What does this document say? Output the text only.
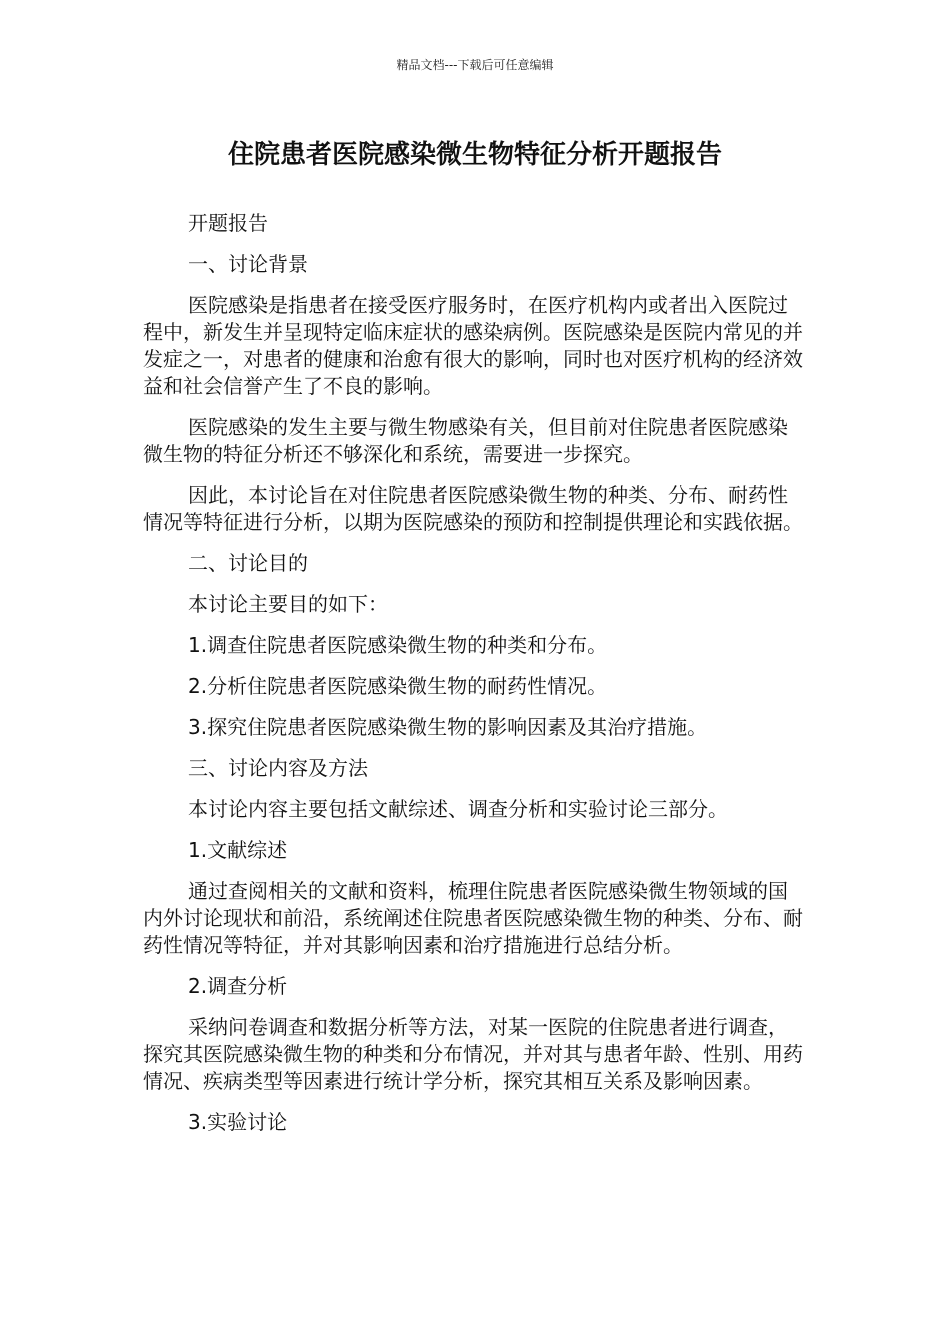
精品文档---下载后可任意编辑
住院患者医院感染微生物特征分析开题报告

开题报告

一、讨论背景

医院感染是指患者在接受医疗服务时，在医疗机构内或者出入医院过程中，新发生并呈现特定临床症状的感染病例。医院感染是医院内常见的并发症之一，对患者的健康和治愈有很大的影响，同时也对医疗机构的经济效益和社会信誉产生了不良的影响。

医院感染的发生主要与微生物感染有关，但目前对住院患者医院感染微生物的特征分析还不够深化和系统，需要进一步探究。

因此，本讨论旨在对住院患者医院感染微生物的种类、分布、耐药性情况等特征进行分析，以期为医院感染的预防和控制提供理论和实践依据。

二、讨论目的

本讨论主要目的如下：

1.调查住院患者医院感染微生物的种类和分布。

2.分析住院患者医院感染微生物的耐药性情况。

3.探究住院患者医院感染微生物的影响因素及其治疗措施。

三、讨论内容及方法

本讨论内容主要包括文献综述、调查分析和实验讨论三部分。

1.文献综述

通过查阅相关的文献和资料，梳理住院患者医院感染微生物领域的国内外讨论现状和前沿，系统阐述住院患者医院感染微生物的种类、分布、耐药性情况等特征，并对其影响因素和治疗措施进行总结分析。

2.调查分析

采纳问卷调查和数据分析等方法，对某一医院的住院患者进行调查，探究其医院感染微生物的种类和分布情况，并对其与患者年龄、性别、用药情况、疾病类型等因素进行统计学分析，探究其相互关系及影响因素。

3.实验讨论
